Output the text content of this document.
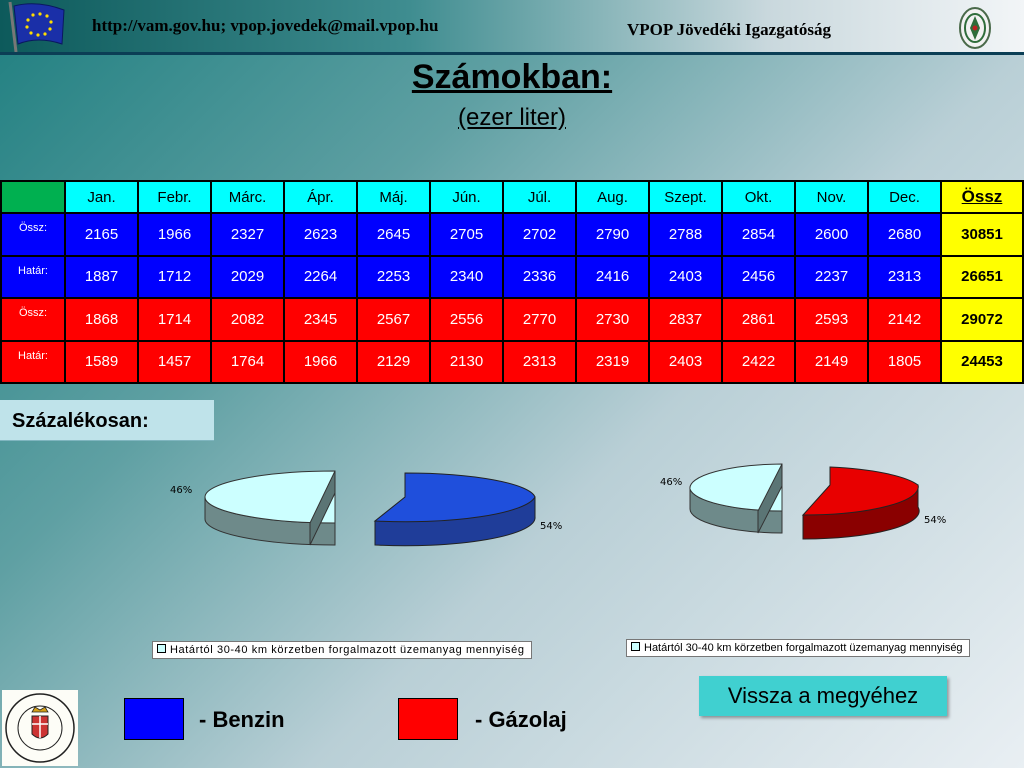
http://vam.gov.hu; vpop.jovedek@mail.vpop.hu	VPOP Jövedéki Igazgatóság
Számokban:
(ezer liter)
	Jan.	Febr.	Márc.	Ápr.	Máj.	Jún.	Júl.	Aug.	Szept.	Okt.	Nov.	Dec.	Össz
Össz:	2165	1966	2327	2623	2645	2705	2702	2790	2788	2854	2600	2680	30851
Határ:	1887	1712	2029	2264	2253	2340	2336	2416	2403	2456	2237	2313	26651
Össz:	1868	1714	2082	2345	2567	2556	2770	2730	2837	2861	2593	2142	29072
Határ:	1589	1457	1764	1966	2129	2130	2313	2319	2403	2422	2149	1805	24453
Százalékosan:
46%
54%
46%
54%
Határtól 30-40 km körzetben forgalmazott üzemanyag mennyiség	Határtól 30-40 km körzetben forgalmazott üzemanyag mennyiség
Vissza a megyéhez
- Benzin	- Gázolaj
